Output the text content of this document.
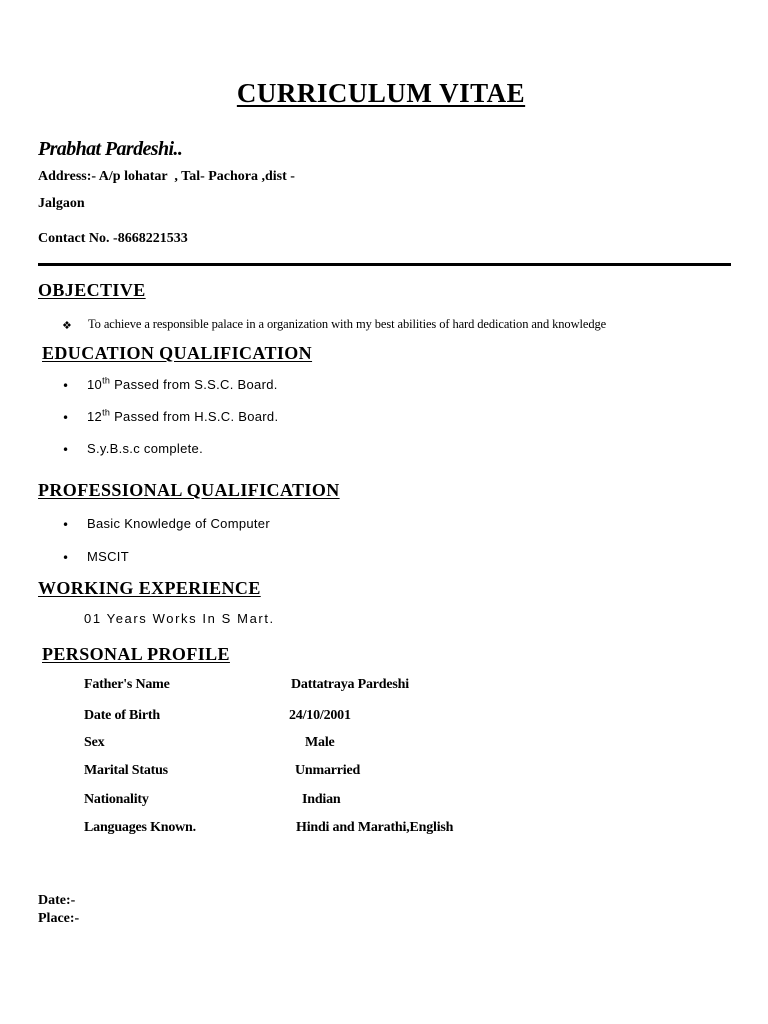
CURRICULUM VITAE
Prabhat Pardeshi..
Address:- A/p lohatar  , Tal- Pachora ,dist -
Jalgaon
Contact No. -8668221533
OBJECTIVE
❖ To achieve a responsible palace in a organization with my best abilities of hard dedication and knowledge
EDUCATION QUALIFICATION
• 10th Passed from S.S.C. Board.
• 12th Passed from H.S.C. Board.
• S.y.B.s.c complete.
PROFESSIONAL QUALIFICATION
• Basic Knowledge of Computer
• MSCIT
WORKING EXPERIENCE
01 Years Works In S Mart.
PERSONAL PROFILE
Father's Name	Dattatraya Pardeshi
Date of Birth	24/10/2001
Sex	Male
Marital Status	Unmarried
Nationality	Indian
Languages Known.	Hindi and Marathi,English
Date:-
Place:-
